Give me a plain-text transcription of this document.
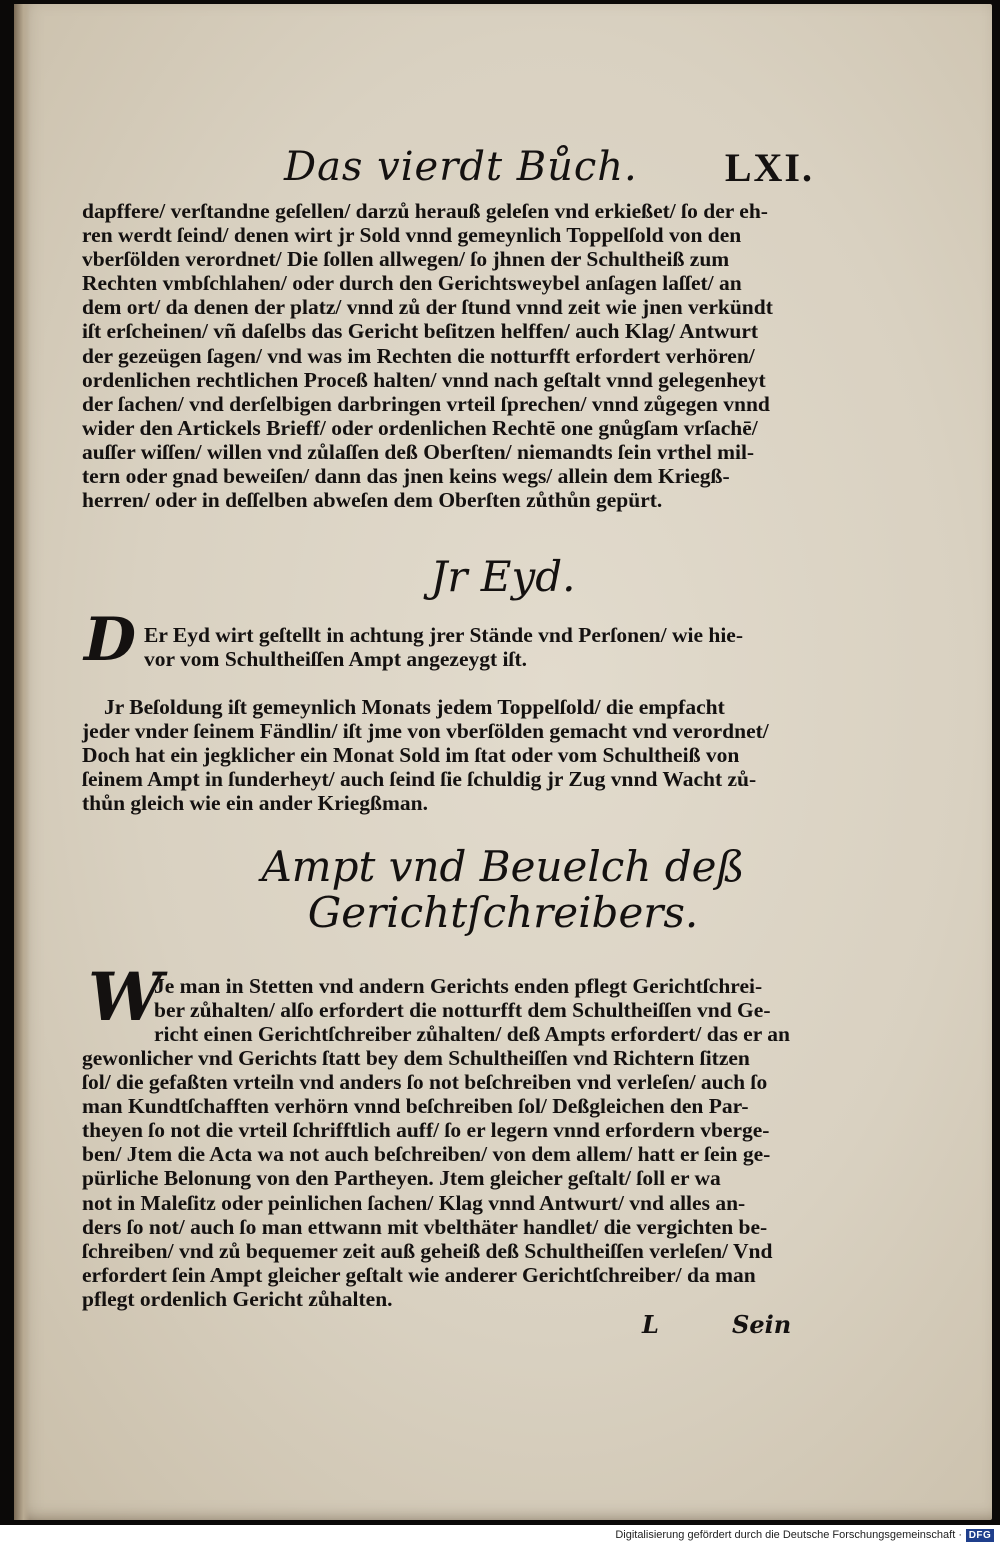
Das vierdt Bůch. LXI.
dapffere/ verſtandne geſellen/ darzů herauß geleſen vnd erkießet/ ſo der eh-
ren werdt ſeind/ denen wirt jr Sold vnnd gemeynlich Toppelſold von den
vberſölden verordnet/ Die ſollen allwegen/ ſo jhnen der Schultheiß zum
Rechten vmbſchlahen/ oder durch den Gerichtsweybel anſagen laſſet/ an
dem ort/ da denen der platz/ vnnd zů der ſtund vnnd zeit wie jnen verkündt
iſt erſcheinen/ vñ daſelbs das Gericht beſitzen helffen/ auch Klag/ Antwurt
der gezeügen ſagen/ vnd was im Rechten die notturfft erfordert verhören/
ordenlichen rechtlichen Proceß halten/ vnnd nach geſtalt vnnd gelegenheyt
der ſachen/ vnd derſelbigen darbringen vrteil ſprechen/ vnnd zůgegen vnnd
wider den Artickels Brieff/ oder ordenlichen Rechtē one gnůgſam vrſachē/
auſſer wiſſen/ willen vnd zůlaſſen deß Oberſten/ niemandts ſein vrthel mil-
tern oder gnad beweiſen/ dann das jnen keins wegs/ allein dem Kriegß-
herren/ oder in deſſelben abweſen dem Oberſten zůthůn gepürt.
Jr Eyd.
D Er Eyd wirt geſtellt in achtung jrer Stände vnd Perſonen/ wie hie-
vor vom Schultheiſſen Ampt angezeygt iſt.
Jr Beſoldung iſt gemeynlich Monats jedem Toppelſold/ die empfacht
jeder vnder ſeinem Fändlin/ iſt jme von vberſölden gemacht vnd verordnet/
Doch hat ein jegklicher ein Monat Sold im ſtat oder vom Schultheiß von
ſeinem Ampt in ſunderheyt/ auch ſeind ſie ſchuldig jr Zug vnnd Wacht zů-
thůn gleich wie ein ander Kriegßman.
Ampt vnd Beuelch deß
Gerichtſchreibers.
W
Je man in Stetten vnd andern Gerichts enden pflegt Gerichtſchrei-
ber zůhalten/ alſo erfordert die notturfft dem Schultheiſſen vnd Ge-
richt einen Gerichtſchreiber zůhalten/ deß Ampts erfordert/ das er an
gewonlicher vnd Gerichts ſtatt bey dem Schultheiſſen vnd Richtern ſitzen
ſol/ die gefaßten vrteiln vnd anders ſo not beſchreiben vnd verleſen/ auch ſo
man Kundtſchafften verhörn vnnd beſchreiben ſol/ Deßgleichen den Par-
theyen ſo not die vrteil ſchrifftlich auff/ ſo er legern vnnd erfordern vberge-
ben/ Jtem die Acta wa not auch beſchreiben/ von dem allem/ hatt er ſein ge-
pürliche Belonung von den Partheyen. Jtem gleicher geſtalt/ ſoll er wa
not in Maleſitz oder peinlichen ſachen/ Klag vnnd Antwurt/ vnd alles an-
ders ſo not/ auch ſo man ettwann mit vbelthäter handlet/ die vergichten be-
ſchreiben/ vnd zů bequemer zeit auß geheiß deß Schultheiſſen verleſen/ Vnd
erfordert ſein Ampt gleicher geſtalt wie anderer Gerichtſchreiber/ da man
pflegt ordenlich Gericht zůhalten.
L	Sein
Digitalisierung gefördert durch die Deutsche Forschungsgemeinschaft · DFG
